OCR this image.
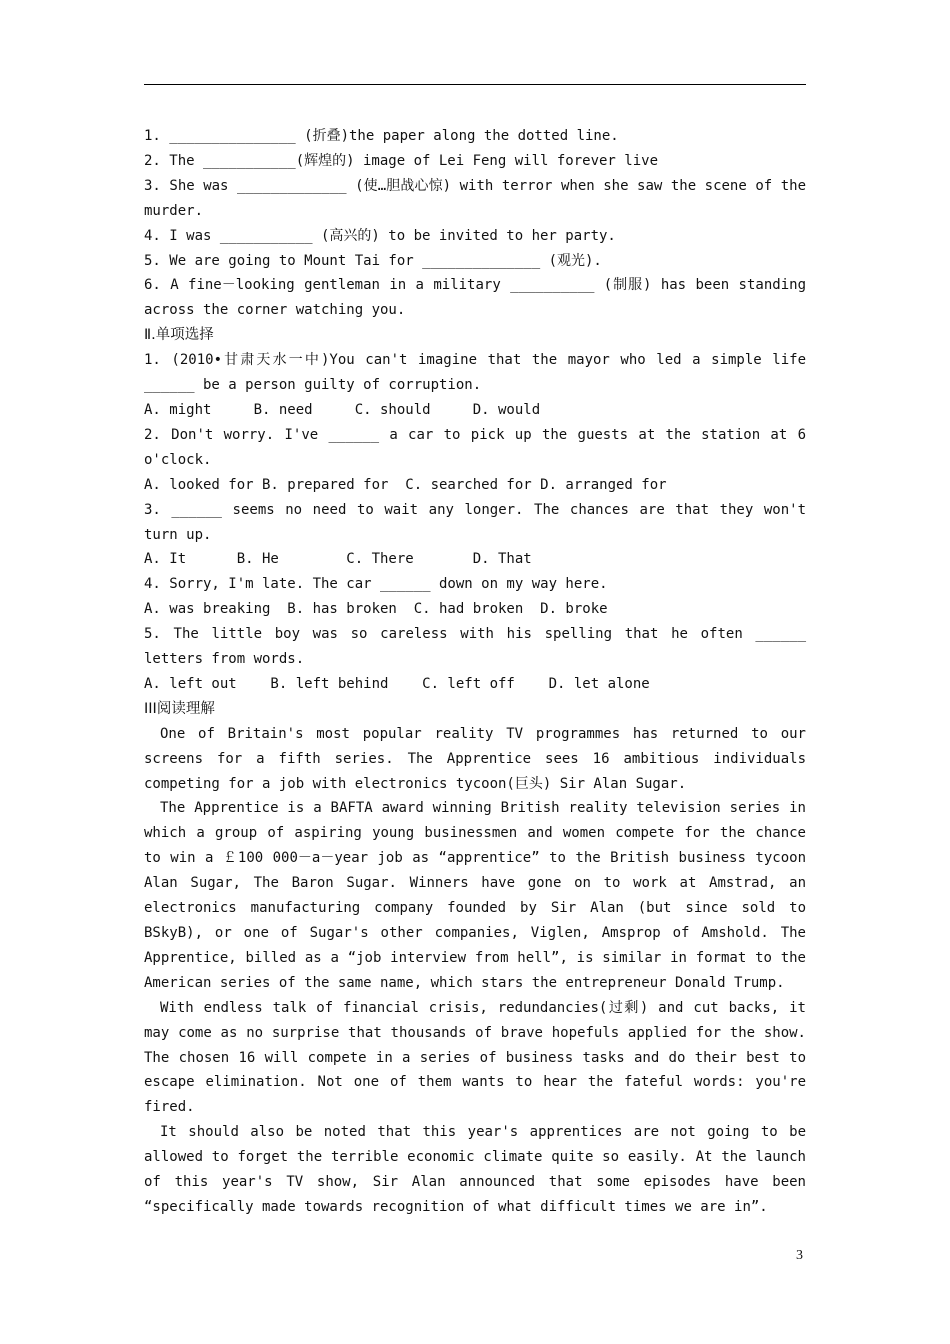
1. _______________ (折叠)the paper along the dotted line.

2. The ___________(辉煌的) image of Lei Feng will forever live

3. She was _____________ (使…胆战心惊) with terror when she saw the scene of the murder.

4. I was ___________ (高兴的) to be invited to her party.

5. We are going to Mount Tai for ______________ (观光).

6. A fine－looking gentleman in a military __________ (制服) has been standing across the corner watching you.

Ⅱ.单项选择

1. (2010•甘肃天水一中)You can't imagine that the mayor who led a simple life ______ be a person guilty of corruption.

A. might     B. need     C. should     D. would

2. Don't worry. I've ______ a car to pick up the guests at the station at 6 o'clock.

A. looked for B. prepared for  C. searched for D. arranged for

3. ______ seems no need to wait any longer. The chances are that they won't turn up.

A. It      B. He        C. There       D. That

4. Sorry, I'm late. The car ______ down on my way here.

A. was breaking  B. has broken  C. had broken  D. broke

5. The little boy was so careless with his spelling that he often ______ letters from words.

A. left out    B. left behind    C. left off    D. let alone

III阅读理解

One of Britain's most popular reality TV programmes has returned to our screens for a fifth series. The Apprentice sees 16 ambitious individuals competing for a job with electronics tycoon(巨头) Sir Alan Sugar.

The Apprentice is a BAFTA award winning British reality television series in which a group of aspiring young businessmen and women compete for the chance to win a ￡100 000－a－year job as “apprentice” to the British business tycoon Alan Sugar, The Baron Sugar. Winners have gone on to work at Amstrad, an electronics manufacturing company founded by Sir Alan (but since sold to BSkyB), or one of Sugar's other companies, Viglen, Amsprop of Amshold. The Apprentice, billed as a “job interview from hell”, is similar in format to the American series of the same name, which stars the entrepreneur Donald Trump.

With endless talk of financial crisis, redundancies(过剩) and cut backs, it may come as no surprise that thousands of brave hopefuls applied for the show. The chosen 16 will compete in a series of business tasks and do their best to escape elimination. Not one of them wants to hear the fateful words: you're fired.

It should also be noted that this year's apprentices are not going to be allowed to forget the terrible economic climate quite so easily. At the launch of this year's TV show, Sir Alan announced that some episodes have been “specifically made towards recognition of what difficult times we are in”.

3
